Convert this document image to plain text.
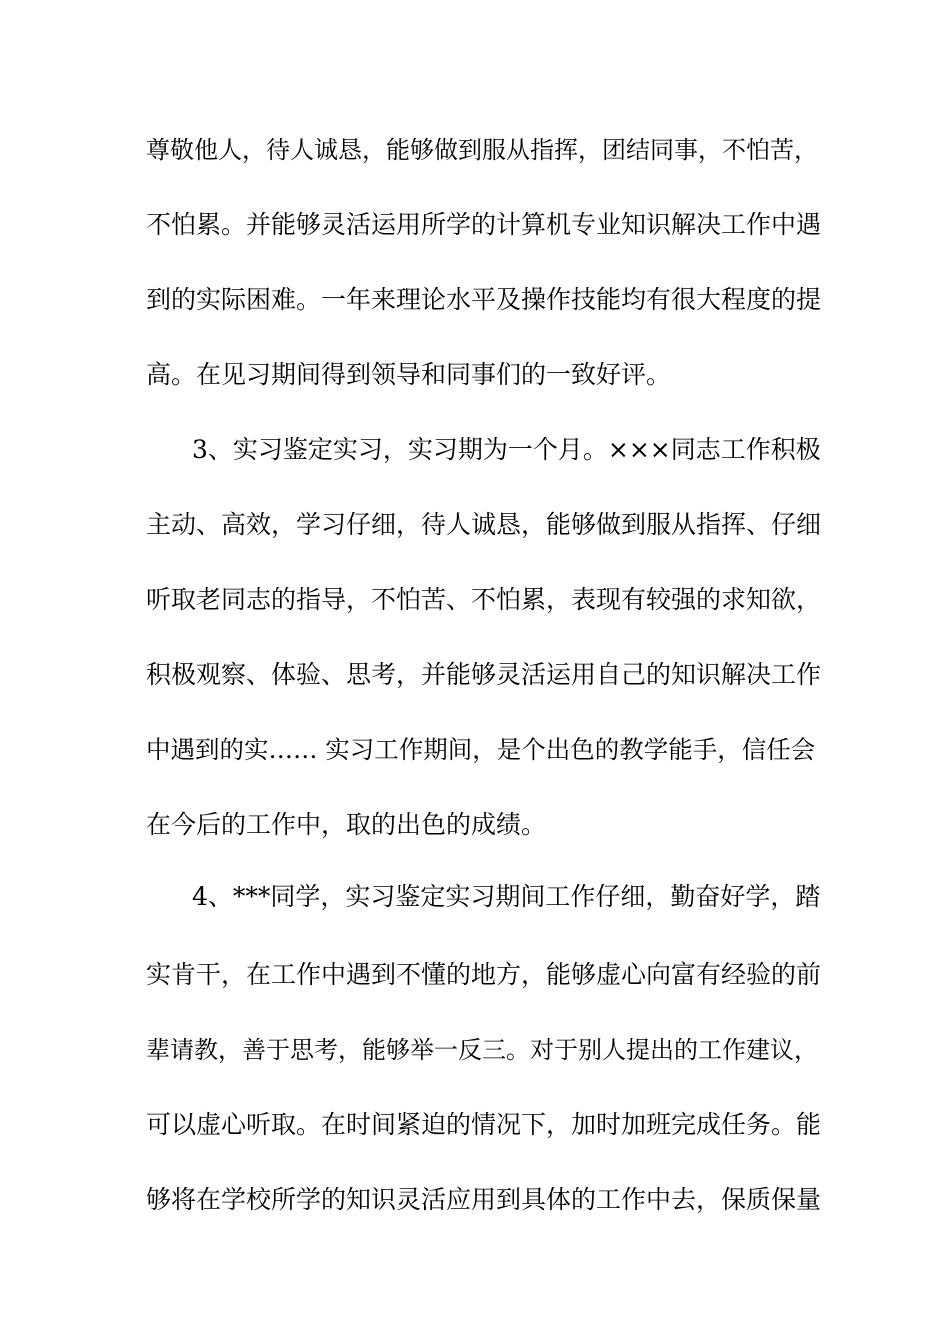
尊敬他人，待人诚恳，能够做到服从指挥，团结同事，不怕苦，
不怕累。并能够灵活运用所学的计算机专业知识解决工作中遇
到的实际困难。一年来理论水平及操作技能均有很大程度的提
高。在见习期间得到领导和同事们的一致好评。
3、实习鉴定实习，实习期为一个月。×××同志工作积极
主动、高效，学习仔细，待人诚恳，能够做到服从指挥、仔细
听取老同志的指导，不怕苦、不怕累，表现有较强的求知欲，
积极观察、体验、思考，并能够灵活运用自己的知识解决工作
中遇到的实…… 实习工作期间，是个出色的教学能手，信任会
在今后的工作中，取的出色的成绩。
4、***同学，实习鉴定实习期间工作仔细，勤奋好学，踏
实肯干，在工作中遇到不懂的地方，能够虚心向富有经验的前
辈请教，善于思考，能够举一反三。对于别人提出的工作建议，
可以虚心听取。在时间紧迫的情况下，加时加班完成任务。能
够将在学校所学的知识灵活应用到具体的工作中去，保质保量
